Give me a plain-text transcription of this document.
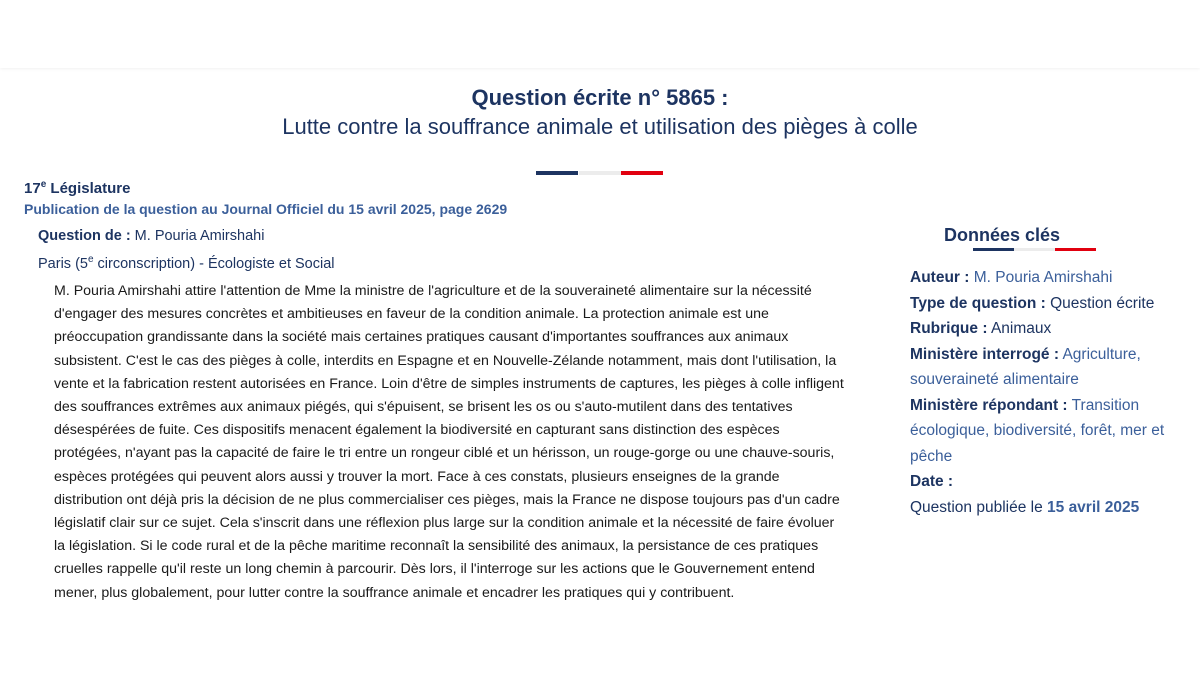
Question écrite n° 5865 :
Lutte contre la souffrance animale et utilisation des pièges à colle
17e Législature
Publication de la question au Journal Officiel du 15 avril 2025, page 2629
Question de : M. Pouria Amirshahi
Paris (5e circonscription) - Écologiste et Social
M. Pouria Amirshahi attire l'attention de Mme la ministre de l'agriculture et de la souveraineté alimentaire sur la nécessité d'engager des mesures concrètes et ambitieuses en faveur de la condition animale. La protection animale est une préoccupation grandissante dans la société mais certaines pratiques causant d'importantes souffrances aux animaux subsistent. C'est le cas des pièges à colle, interdits en Espagne et en Nouvelle-Zélande notamment, mais dont l'utilisation, la vente et la fabrication restent autorisées en France. Loin d'être de simples instruments de captures, les pièges à colle infligent des souffrances extrêmes aux animaux piégés, qui s'épuisent, se brisent les os ou s'auto-mutilent dans des tentatives désespérées de fuite. Ces dispositifs menacent également la biodiversité en capturant sans distinction des espèces protégées, n'ayant pas la capacité de faire le tri entre un rongeur ciblé et un hérisson, un rouge-gorge ou une chauve-souris, espèces protégées qui peuvent alors aussi y trouver la mort. Face à ces constats, plusieurs enseignes de la grande distribution ont déjà pris la décision de ne plus commercialiser ces pièges, mais la France ne dispose toujours pas d'un cadre législatif clair sur ce sujet. Cela s'inscrit dans une réflexion plus large sur la condition animale et la nécessité de faire évoluer la législation. Si le code rural et de la pêche maritime reconnaît la sensibilité des animaux, la persistance de ces pratiques cruelles rappelle qu'il reste un long chemin à parcourir. Dès lors, il l'interroge sur les actions que le Gouvernement entend mener, plus globalement, pour lutter contre la souffrance animale et encadrer les pratiques qui y contribuent.
Données clés
Auteur : M. Pouria Amirshahi
Type de question : Question écrite
Rubrique : Animaux
Ministère interrogé : Agriculture, souveraineté alimentaire
Ministère répondant : Transition écologique, biodiversité, forêt, mer et pêche
Date :
Question publiée le 15 avril 2025
